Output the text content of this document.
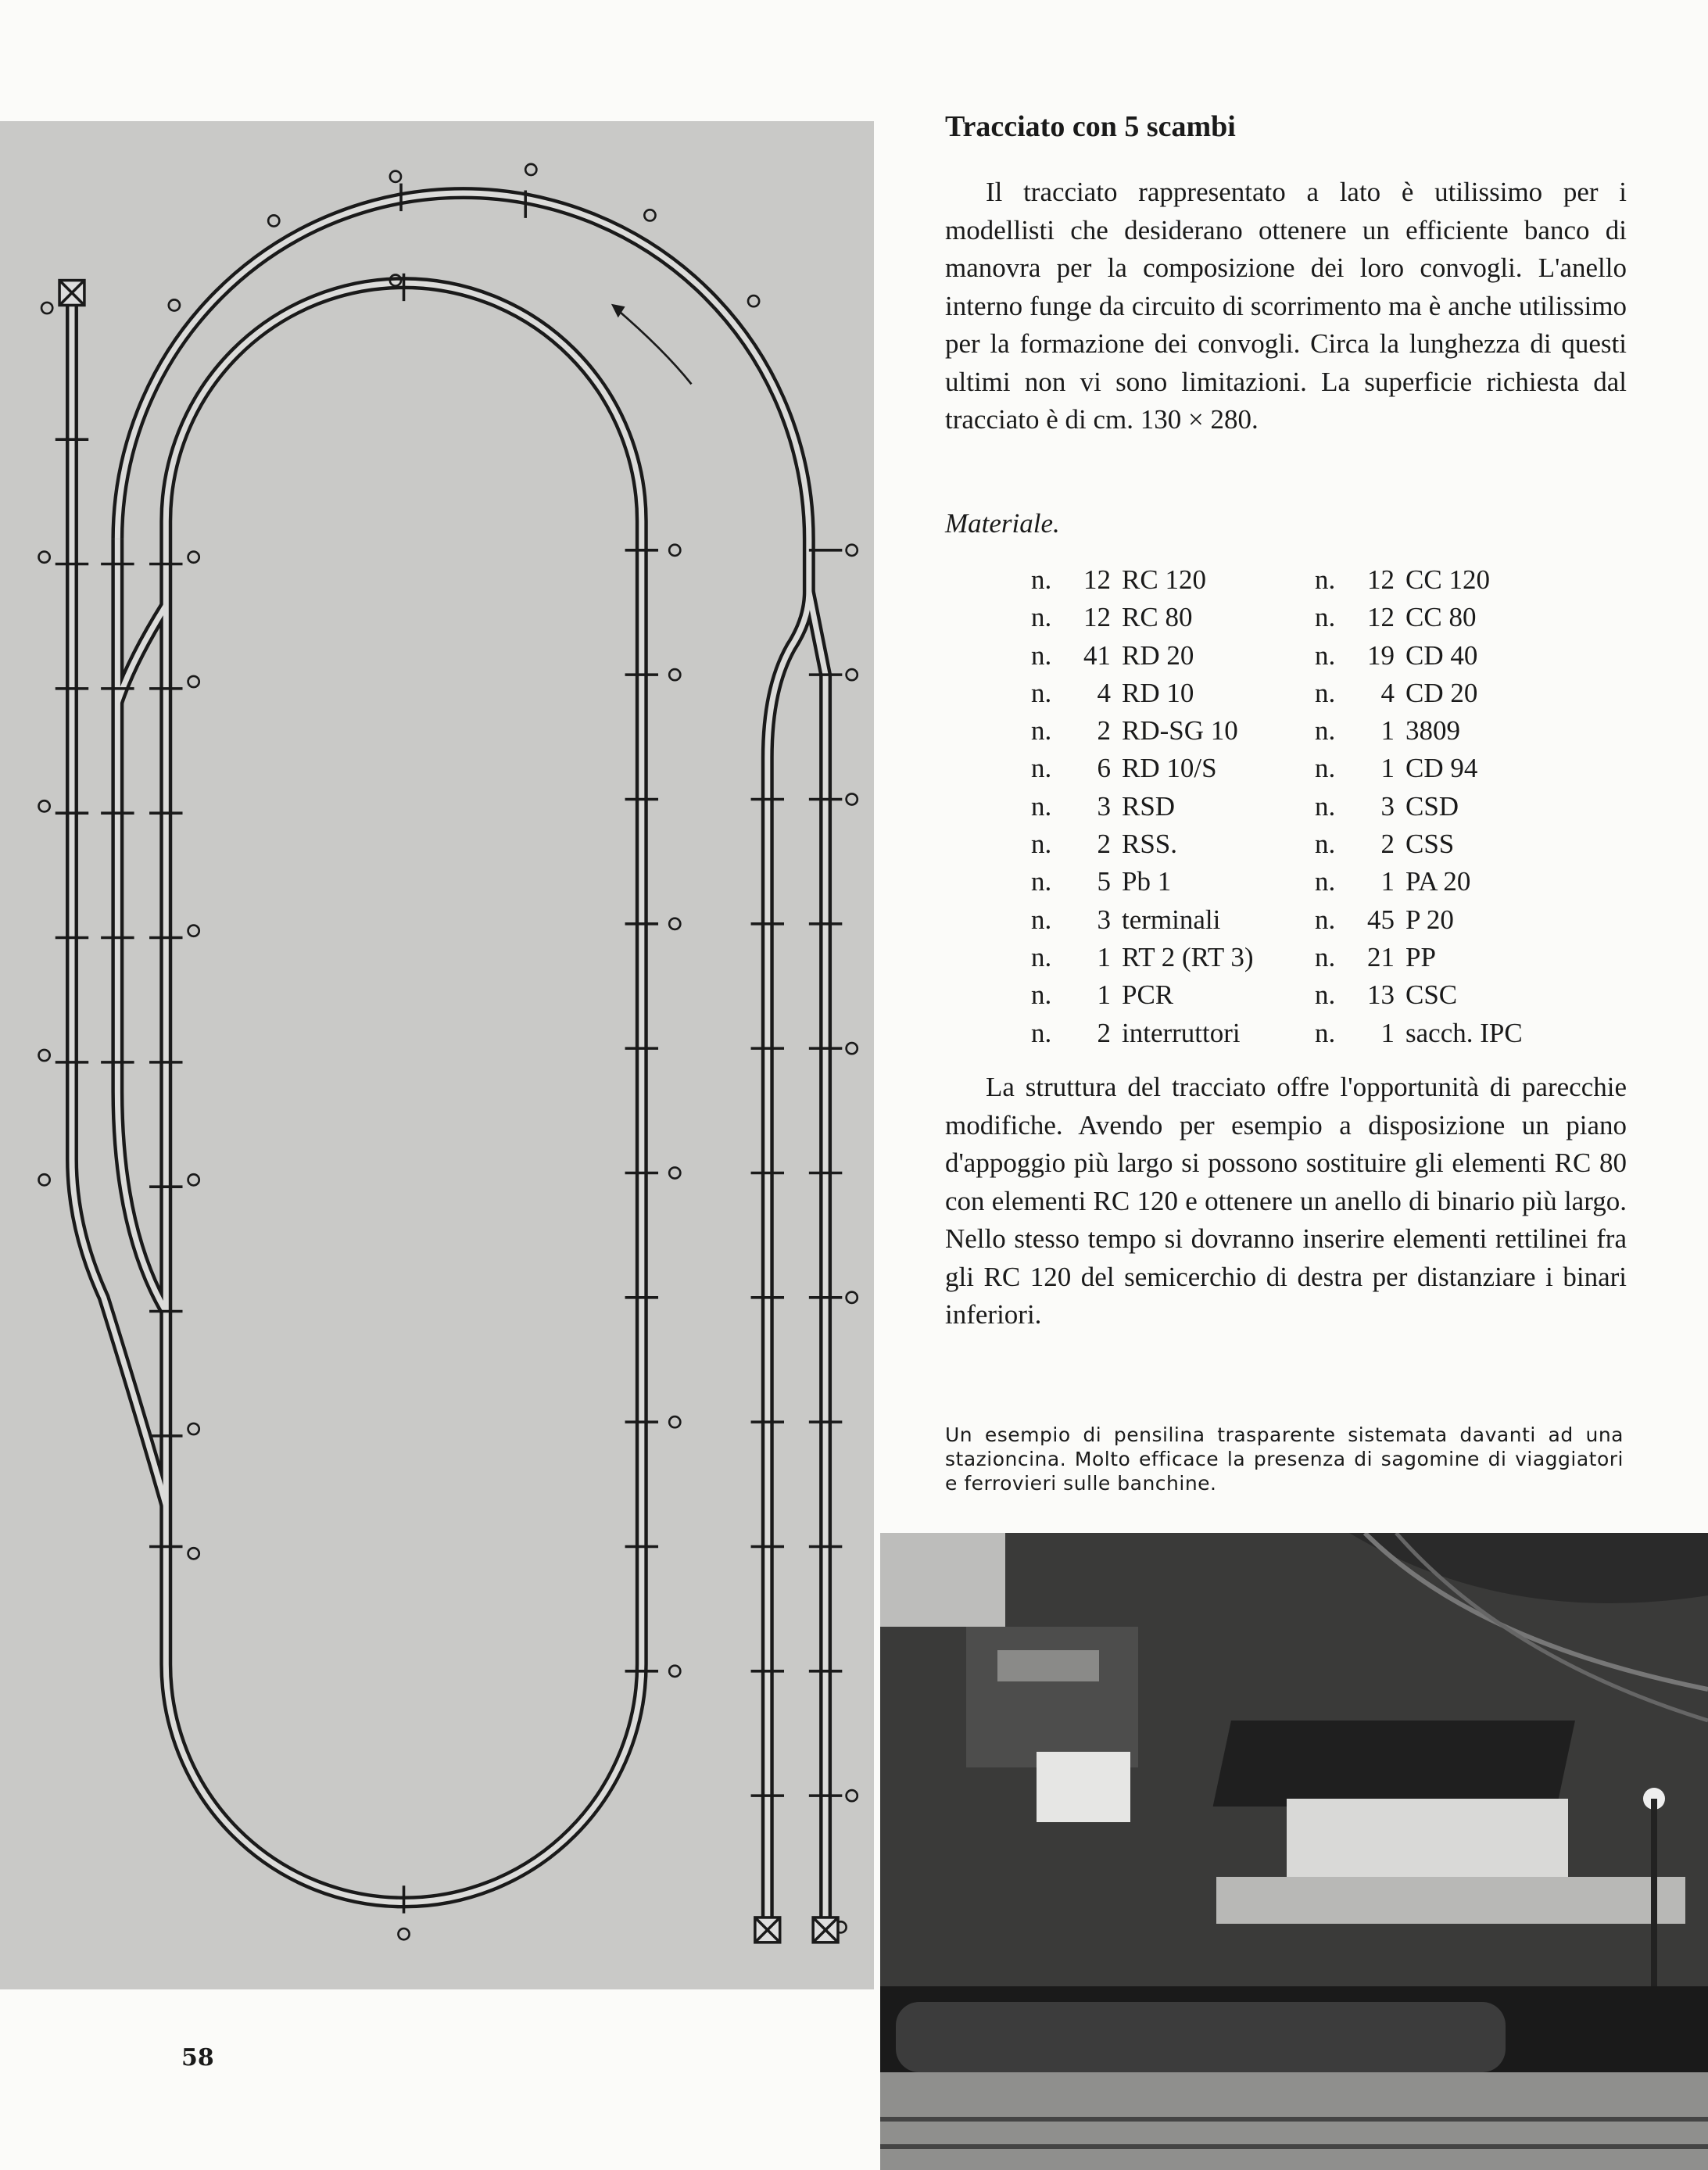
58
Tracciato con 5 scambi

Il tracciato rappresentato a lato è utilissimo per i modellisti che desiderano ottenere un efficiente banco di manovra per la composizione dei loro convogli. L'anello interno funge da circuito di scorrimento ma è anche utilissimo per la formazione dei convogli. Circa la lunghezza di questi ultimi non vi sono limitazioni. La superficie richiesta dal tracciato è di cm. 130 × 280.

Materiale.
n. 12 RC 120
n. 12 RC 80
n. 41 RD 20
n. 4 RD 10
n. 2 RD-SG 10
n. 6 RD 10/S
n. 3 RSD
n. 2 RSS.
n. 5 Pb 1
n. 3 terminali
n. 1 RT 2 (RT 3)
n. 1 PCR
n. 2 interruttori
n. 12 CC 120
n. 12 CC 80
n. 19 CD 40
n. 4 CD 20
n. 1 3809
n. 1 CD 94
n. 3 CSD
n. 2 CSS
n. 1 PA 20
n. 45 P 20
n. 21 PP
n. 13 CSC
n. 1 sacch. IPC

La struttura del tracciato offre l'opportunità di parecchie modifiche. Avendo per esempio a disposizione un piano d'appoggio più largo si possono sostituire gli elementi RC 80 con elementi RC 120 e ottenere un anello di binario più largo. Nello stesso tempo si dovranno inserire elementi rettilinei fra gli RC 120 del semicerchio di destra per distanziare i binari inferiori.

Un esempio di pensilina trasparente sistemata davanti ad una stazioncina. Molto efficace la presenza di sagomine di viaggiatori e ferrovieri sulle banchine.
